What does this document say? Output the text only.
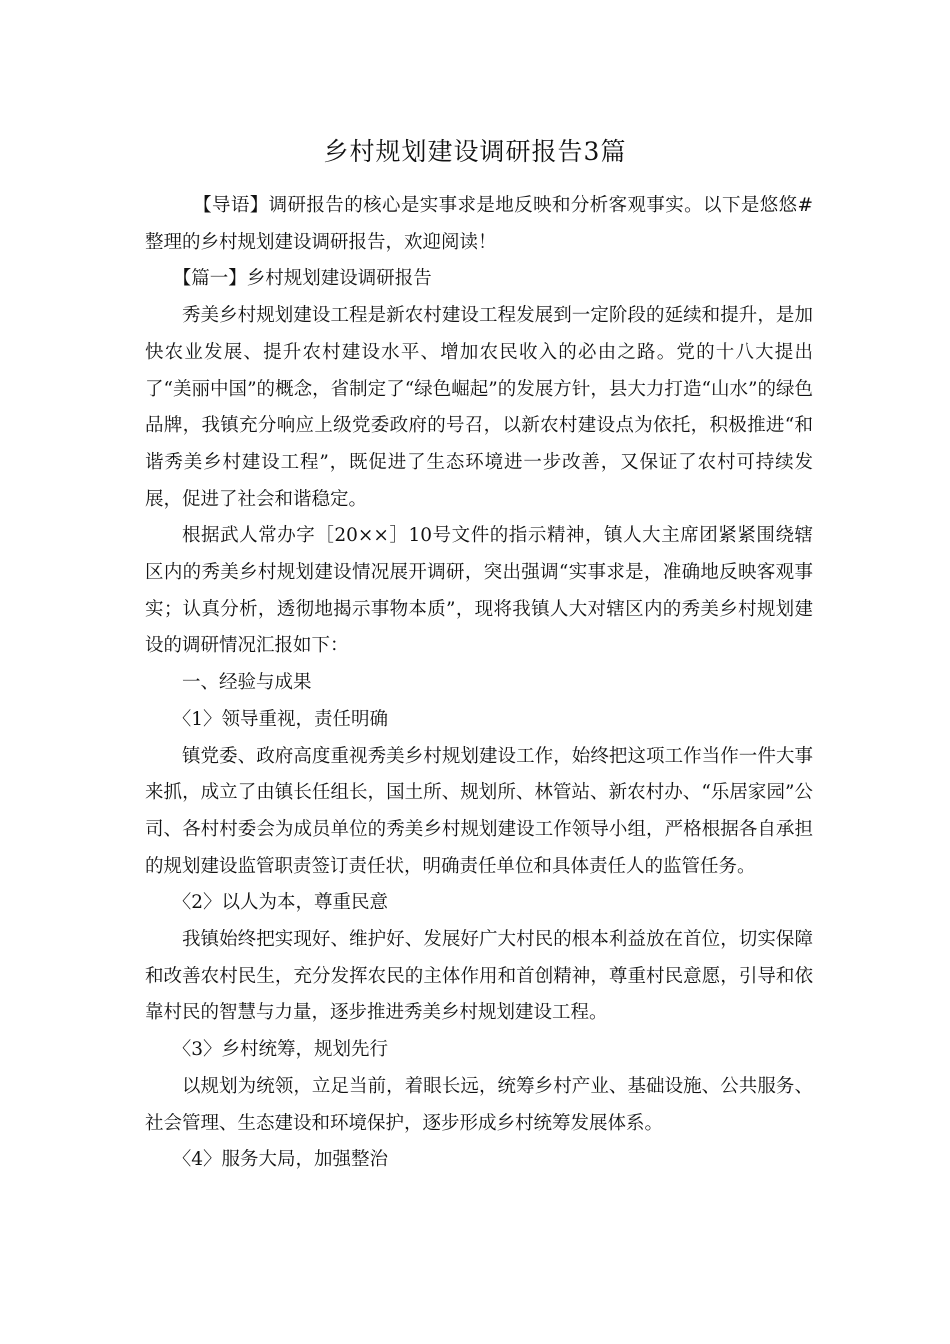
乡村规划建设调研报告3篇

【导语】调研报告的核心是实事求是地反映和分析客观事实。以下是悠悠#整理的乡村规划建设调研报告，欢迎阅读！

【篇一】乡村规划建设调研报告

秀美乡村规划建设工程是新农村建设工程发展到一定阶段的延续和提升，是加快农业发展、提升农村建设水平、增加农民收入的必由之路。党的十八大提出了“美丽中国”的概念，省制定了“绿色崛起”的发展方针，县大力打造“山水”的绿色品牌，我镇充分响应上级党委政府的号召，以新农村建设点为依托，积极推进“和谐秀美乡村建设工程”，既促进了生态环境进一步改善，又保证了农村可持续发展，促进了社会和谐稳定。

根据武人常办字［20××］10号文件的指示精神，镇人大主席团紧紧围绕辖区内的秀美乡村规划建设情况展开调研，突出强调“实事求是，准确地反映客观事实；认真分析，透彻地揭示事物本质”，现将我镇人大对辖区内的秀美乡村规划建设的调研情况汇报如下：

一、经验与成果

〈1〉领导重视，责任明确

镇党委、政府高度重视秀美乡村规划建设工作，始终把这项工作当作一件大事来抓，成立了由镇长任组长，国土所、规划所、林管站、新农村办、“乐居家园”公司、各村村委会为成员单位的秀美乡村规划建设工作领导小组，严格根据各自承担的规划建设监管职责签订责任状，明确责任单位和具体责任人的监管任务。

〈2〉以人为本，尊重民意

我镇始终把实现好、维护好、发展好广大村民的根本利益放在首位，切实保障和改善农村民生，充分发挥农民的主体作用和首创精神，尊重村民意愿，引导和依靠村民的智慧与力量，逐步推进秀美乡村规划建设工程。

〈3〉乡村统筹，规划先行

以规划为统领，立足当前，着眼长远，统筹乡村产业、基础设施、公共服务、社会管理、生态建设和环境保护，逐步形成乡村统筹发展体系。

〈4〉服务大局，加强整治
